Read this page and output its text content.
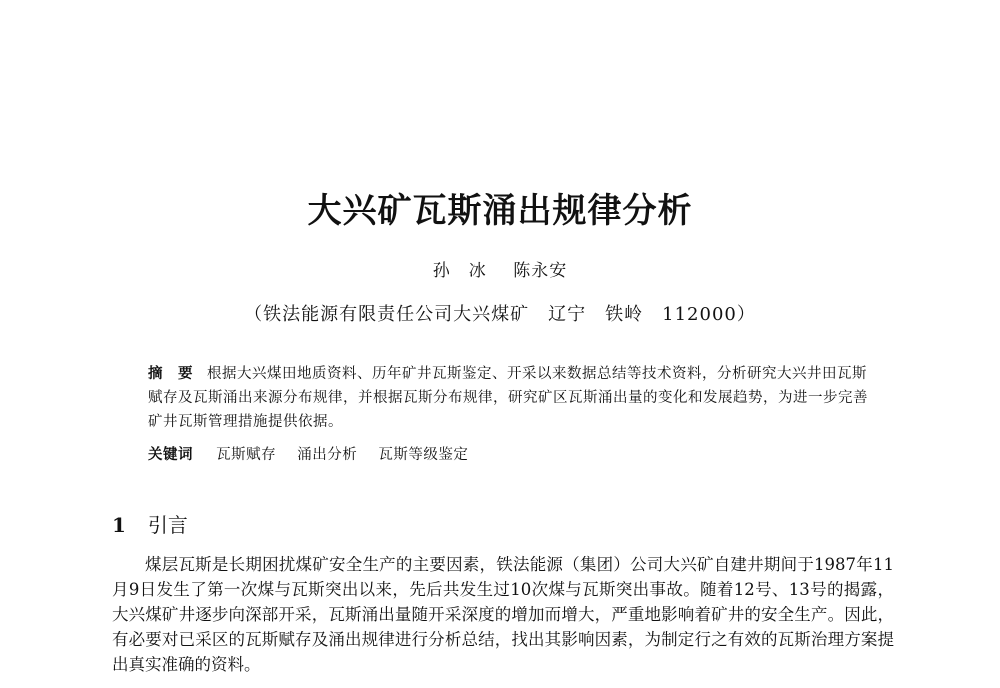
大兴矿瓦斯涌出规律分析
孙　冰 陈永安
（铁法能源有限责任公司大兴煤矿　辽宁　铁岭　112000）
摘　要 根据大兴煤田地质资料、历年矿井瓦斯鉴定、开采以来数据总结等技术资料，分析研究大兴井田瓦斯赋存及瓦斯涌出来源分布规律，并根据瓦斯分布规律，研究矿区瓦斯涌出量的变化和发展趋势，为进一步完善矿井瓦斯管理措施提供依据。
关键词 瓦斯赋存 涌出分析 瓦斯等级鉴定
1 引言

煤层瓦斯是长期困扰煤矿安全生产的主要因素，铁法能源（集团）公司大兴矿自建井期间于1987年11月9日发生了第一次煤与瓦斯突出以来，先后共发生过10次煤与瓦斯突出事故。随着12号、13号的揭露，大兴煤矿井逐步向深部开采，瓦斯涌出量随开采深度的增加而增大，严重地影响着矿井的安全生产。因此，有必要对已采区的瓦斯赋存及涌出规律进行分析总结，找出其影响因素，为制定行之有效的瓦斯治理方案提出真实准确的资料。
